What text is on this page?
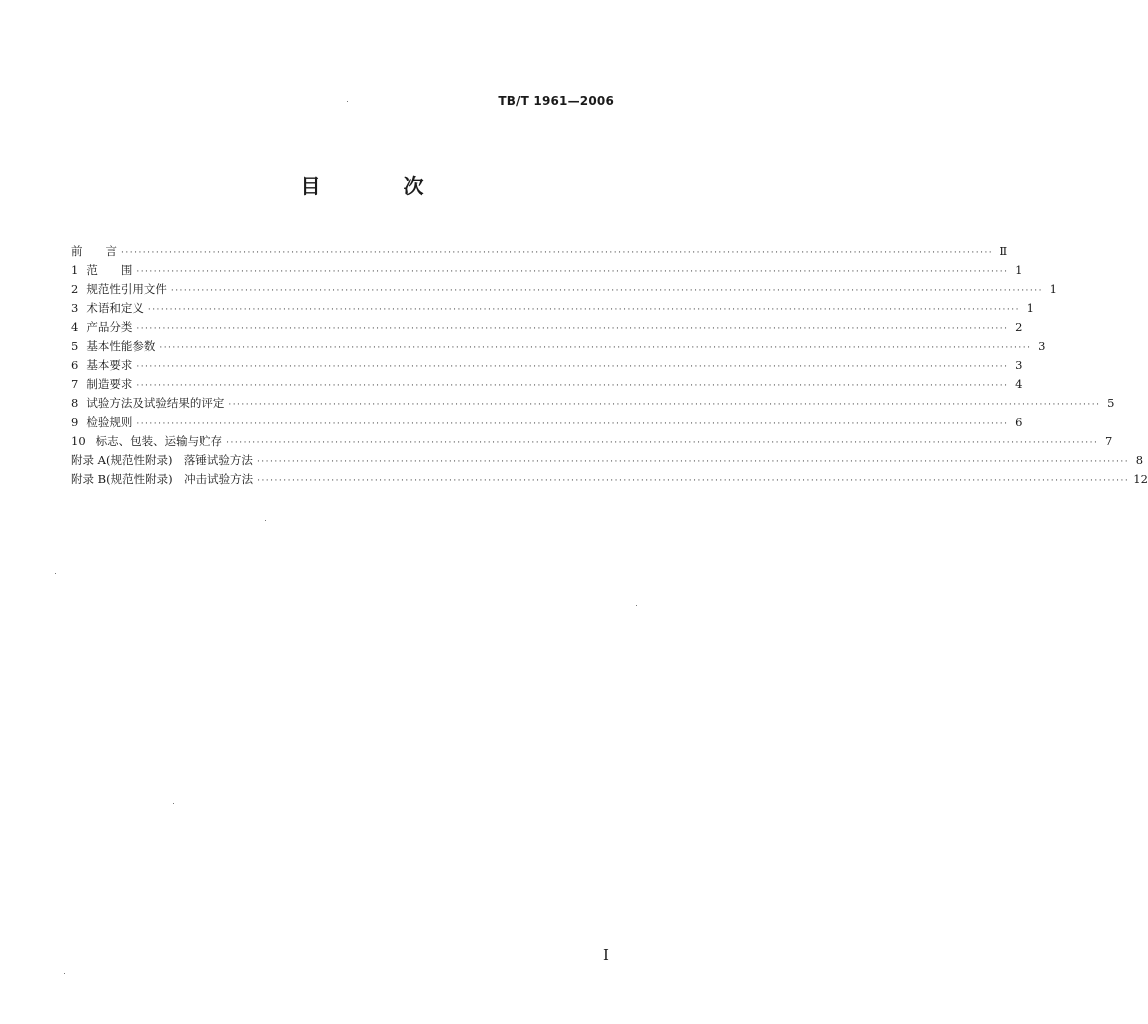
TB/T 1961—2006
目 次
前　　言 ········································································································································································································ Ⅱ
1 范　　围 ········································································································································································································ 1
2 规范性引用文件 ········································································································································································································ 1
3 术语和定义 ········································································································································································································ 1
4 产品分类 ········································································································································································································ 2
5 基本性能参数 ········································································································································································································ 3
6 基本要求 ········································································································································································································ 3
7 制造要求 ········································································································································································································ 4
8 试验方法及试验结果的评定 ········································································································································································································ 5
9 检验规则 ········································································································································································································ 6
10 标志、包装、运输与贮存 ········································································································································································································ 7
附录 A(规范性附录)　落锤试验方法 ········································································································································································································ 8
附录 B(规范性附录)　冲击试验方法 ········································································································································································································ 12
I
